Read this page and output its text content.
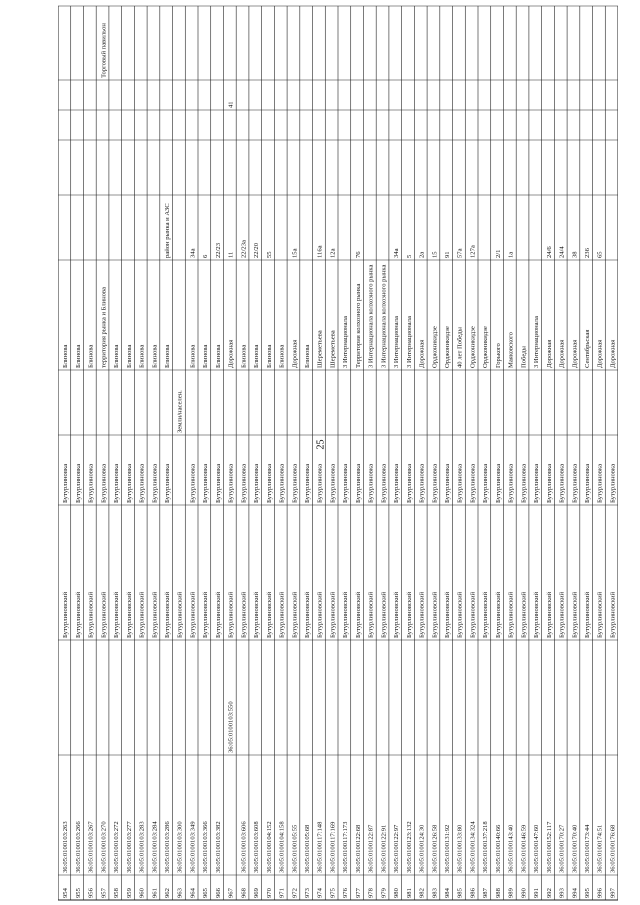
25
954
36:05:0100103:263
Бутурлиновский
Бутурлиновка
Блинова
955
36:05:0100103:266
Бутурлиновский
Бутурлиновка
Блинова
956
36:05:0100103:267
Бутурлиновский
Бутурлиновка
Блинова
957
36:05:0100103:270
Бутурлиновский
Бутурлиновка
территория рынка и Блинова
Торговый павильон
958
36:05:0100103:272
Бутурлиновский
Бутурлиновка
Блинова
959
36:05:0100103:277
Бутурлиновский
Бутурлиновка
Блинова
960
36:05:0100103:283
Бутурлиновский
Бутурлиновка
Блинова
961
36:05:0100103:284
Бутурлиновский
Бутурлиновка
Блинова
962
36:05:0100103:286
Бутурлиновский
Бутурлиновка
Блинова
район рынка и АЗС
963
36:05:0100103:300
Бутурлиновский
Земли/населен.
964
36:05:0100103:349
Бутурлиновский
Бутурлиновка
Блинова
34а
965
36:05:0100103:366
Бутурлиновский
Бутурлиновка
Блинова
6
966
36:05:0100103:382
Бутурлиновский
Бутурлиновка
Блинова
22/23
967
36:05:0100103:550
Бутурлиновский
Бутурлиновка
Дорожная
11
41
968
36:05:0100103:606
Бутурлиновский
Бутурлиновка
Блинова
22/23а
969
36:05:0100103:608
Бутурлиновский
Бутурлиновка
Блинова
22/20
970
36:05:0100104:152
Бутурлиновский
Бутурлиновка
Блинова
55
971
36:05:0100104:158
Бутурлиновский
Бутурлиновка
Блинова
972
36:05:0100105:55
Бутурлиновский
Бутурлиновка
Дорожная
15а
973
36:05:0100105:68
Бутурлиновский
Бутурлиновка
Блинова
974
36:05:0100117:148
Бутурлиновский
Бутурлиновка
Шереметьева
116а
975
36:05:0100117:169
Бутурлиновский
Бутурлиновка
Шереметьева
12а
976
36:05:0100117:173
Бутурлиновский
Бутурлиновка
3 Интернационала
977
36:05:0100122:68
Бутурлиновский
Бутурлиновка
Территория колхозного рынка
76
978
36:05:0100122:87
Бутурлиновский
Бутурлиновка
3 Интернационала колхозного рынка
979
36:05:0100122:91
Бутурлиновский
Бутурлиновка
3 Интернационала колхозного рынка
980
36:05:0100122:97
Бутурлиновский
Бутурлиновка
3 Интернационала
34а
981
36:05:0100123:132
Бутурлиновский
Бутурлиновка
3 Интернационала
5
982
36:05:0100124:30
Бутурлиновский
Бутурлиновка
Дорожная
2а
983
36:05:0100126:58
Бутурлиновский
Бутурлиновка
Орджоникидзе
15
984
36:05:0100131:92
Бутурлиновский
Бутурлиновка
Орджоникидзе
91
985
36:05:0100133:80
Бутурлиновский
Бутурлиновка
40 лет Победы
57а
986
36:05:0100134:324
Бутурлиновский
Бутурлиновка
Орджоникидзе
127а
987
36:05:0100137:218
Бутурлиновский
Бутурлиновка
Орджоникидзе
988
36:05:0100140:66
Бутурлиновский
Бутурлиновка
Горького
2/1
989
36:05:0100143:40
Бутурлиновский
Бутурлиновка
Маяковского
1а
990
36:05:0100146:59
Бутурлиновский
Бутурлиновка
Победы
991
36:05:0100147:60
Бутурлиновский
Бутурлиновка
3 Интернационала
992
36:05:0100152:117
Бутурлиновский
Бутурлиновка
Дорожная
24/6
993
36:05:0100170:27
Бутурлиновский
Бутурлиновка
Дорожная
24/4
994
36:05:0100170:40
Бутурлиновский
Бутурлиновка
Дорожная
38
995
36:05:0100173:44
Бутурлиновский
Бутурлиновка
Сентябрьская
236
996
36:05:0100174:51
Бутурлиновский
Бутурлиновка
Дорожная
65
997
36:05:0100176:68
Бутурлиновский
Бутурлиновка
Дорожная
